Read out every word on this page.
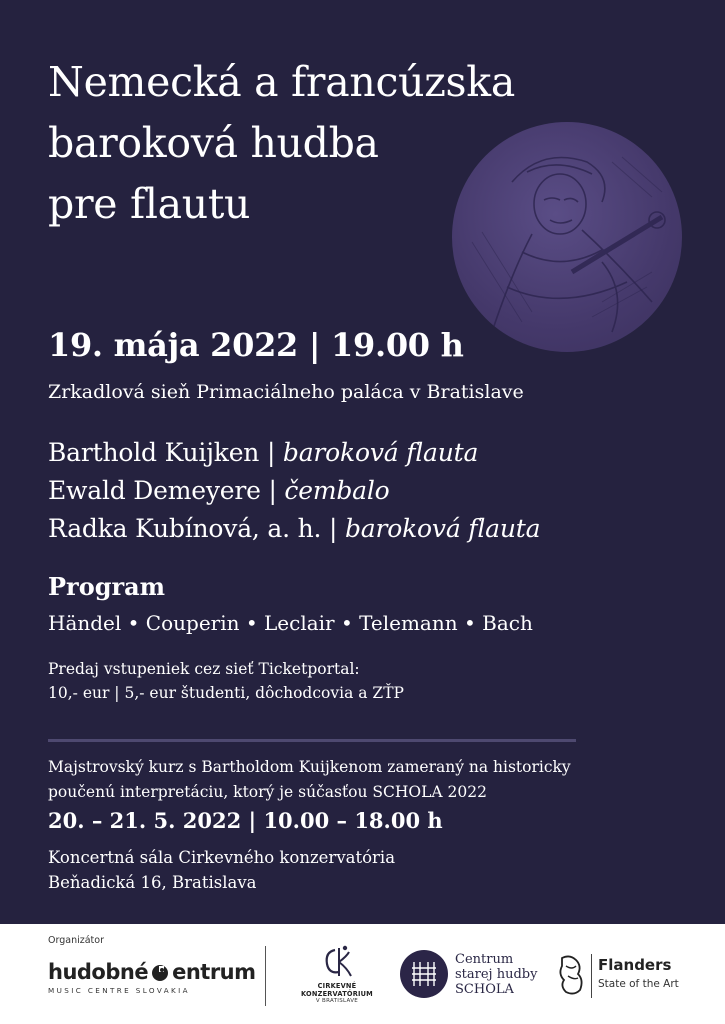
Nemecká a francúzska
baroková hudba
pre flautu
19. mája 2022 | 19.00 h
Zrkadlová sieň Primaciálneho paláca v Bratislave
Barthold Kuijken | baroková flauta
Ewald Demeyere | čembalo
Radka Kubínová, a. h. | baroková flauta
Program
Händel • Couperin • Leclair • Telemann • Bach
Predaj vstupeniek cez sieť Ticketportal:
10,- eur | 5,- eur študenti, dôchodcovia a ZŤP
Majstrovský kurz s Bartholdom Kuijkenom zameraný na historicky
poučenú interpretáciu, ktorý je súčasťou SCHOLA 2022
20. – 21. 5. 2022 | 10.00 – 18.00 h
Koncertná sála Cirkevného konzervatória
Beňadická 16, Bratislava
Organizátor
hudobné entrum
MUSIC CENTRE SLOVAKIA	CIRKEVNÉ
KONZERVATÓRIUM
V BRATISLAVE
Centrum
starej hudby
SCHOLA
Flanders
State of the Art
